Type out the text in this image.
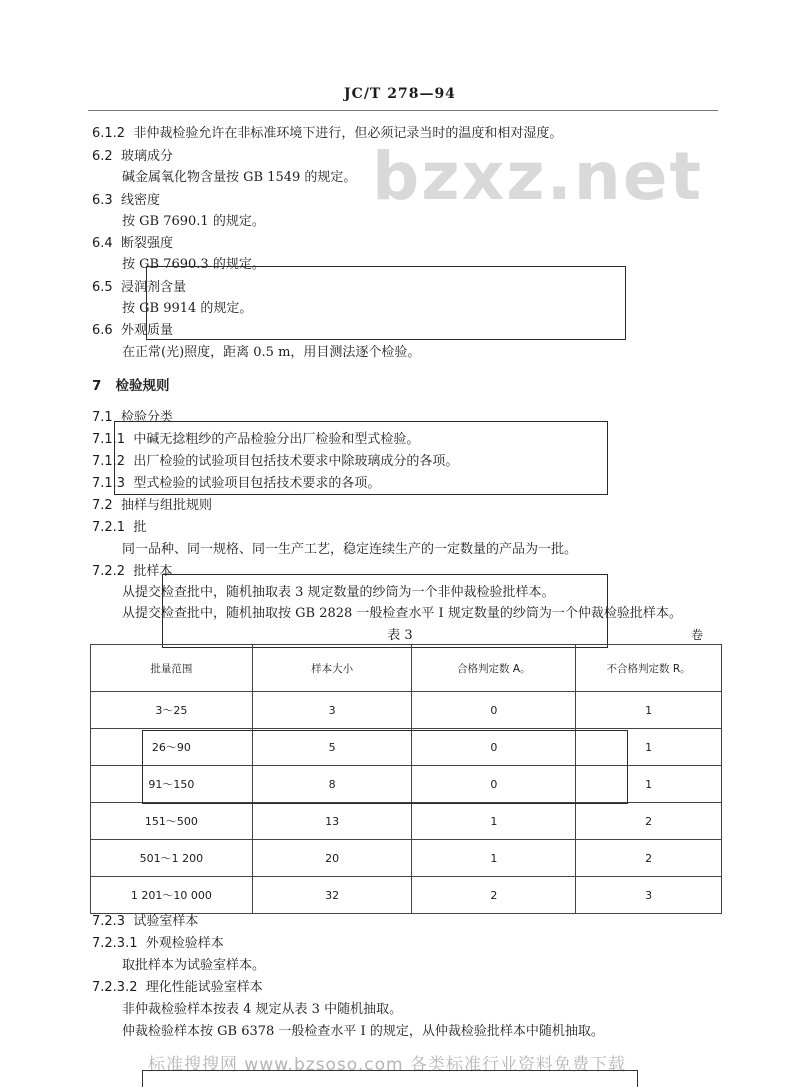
JC/T 278—94
bzxz.net
6.1.2 非仲裁检验允许在非标准环境下进行，但必须记录当时的温度和相对湿度。
6.2 玻璃成分
碱金属氧化物含量按 GB 1549 的规定。
6.3 线密度
按 GB 7690.1 的规定。
6.4 断裂强度
按 GB 7690.3 的规定。
6.5 浸润剂含量
按 GB 9914 的规定。
6.6 外观质量
在正常(光)照度，距离 0.5 m，用目测法逐个检验。
7 检验规则
7.1 检验分类
7.1.1 中碱无捻粗纱的产品检验分出厂检验和型式检验。
7.1.2 出厂检验的试验项目包括技术要求中除玻璃成分的各项。
7.1.3 型式检验的试验项目包括技术要求的各项。
7.2 抽样与组批规则
7.2.1 批
同一品种、同一规格、同一生产工艺，稳定连续生产的一定数量的产品为一批。
7.2.2 批样本
从提交检查批中，随机抽取表 3 规定数量的纱筒为一个非仲裁检验批样本。
从提交检查批中，随机抽取按 GB 2828 一般检查水平 Ⅰ 规定数量的纱筒为一个仲裁检验批样本。
表 3	卷
批量范围	样本大小	合格判定数 A。	不合格判定数 R。
3～25	3	0	1
26～90	5	0	1
91～150	8	0	1
151～500	13	1	2
501～1 200	20	1	2
1 201～10 000	32	2	3
7.2.3 试验室样本
7.2.3.1 外观检验样本
取批样本为试验室样本。
7.2.3.2 理化性能试验室样本
非仲裁检验样本按表 4 规定从表 3 中随机抽取。
仲裁检验样本按 GB 6378 一般检查水平 Ⅰ 的规定，从仲裁检验批样本中随机抽取。
标准搜搜网 www.bzsoso.com 各类标准行业资料免费下载
